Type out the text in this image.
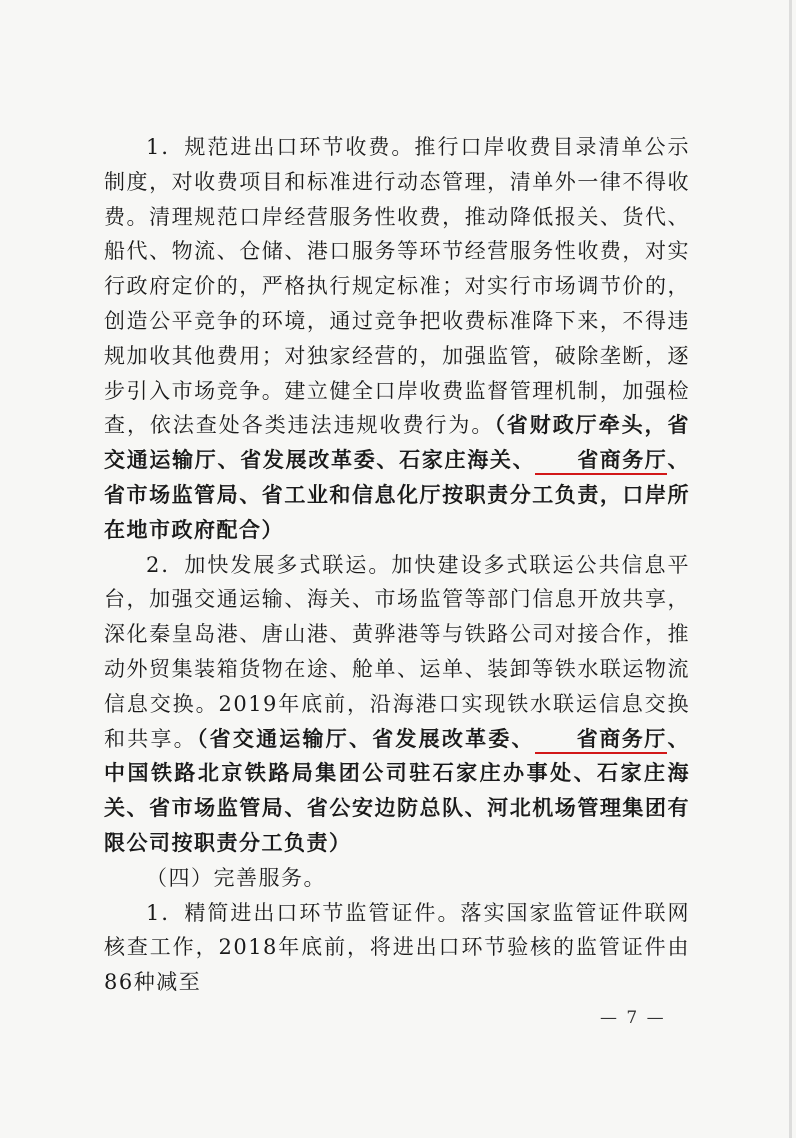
1．规范进出口环节收费。推行口岸收费目录清单公示制度，对收费项目和标准进行动态管理，清单外一律不得收费。清理规范口岸经营服务性收费，推动降低报关、货代、船代、物流、仓储、港口服务等环节经营服务性收费，对实行政府定价的，严格执行规定标准；对实行市场调节价的，创造公平竞争的环境，通过竞争把收费标准降下来，不得违规加收其他费用；对独家经营的，加强监管，破除垄断，逐步引入市场竞争。建立健全口岸收费监督管理机制，加强检查，依法查处各类违法违规收费行为。（省财政厅牵头，省交通运输厅、省发展改革委、石家庄海关、 省商务厅、省市场监管局、省工业和信息化厅按职责分工负责，口岸所在地市政府配合）

2．加快发展多式联运。加快建设多式联运公共信息平台，加强交通运输、海关、市场监管等部门信息开放共享，深化秦皇岛港、唐山港、黄骅港等与铁路公司对接合作，推动外贸集装箱货物在途、舱单、运单、装卸等铁水联运物流信息交换。2019年底前，沿海港口实现铁水联运信息交换和共享。（省交通运输厅、省发展改革委、 省商务厅、中国铁路北京铁路局集团公司驻石家庄办事处、石家庄海关、省市场监管局、省公安边防总队、河北机场管理集团有限公司按职责分工负责）

（四）完善服务。

1．精简进出口环节监管证件。落实国家监管证件联网核查工作，2018年底前，将进出口环节验核的监管证件由86种减至

— 7 —
